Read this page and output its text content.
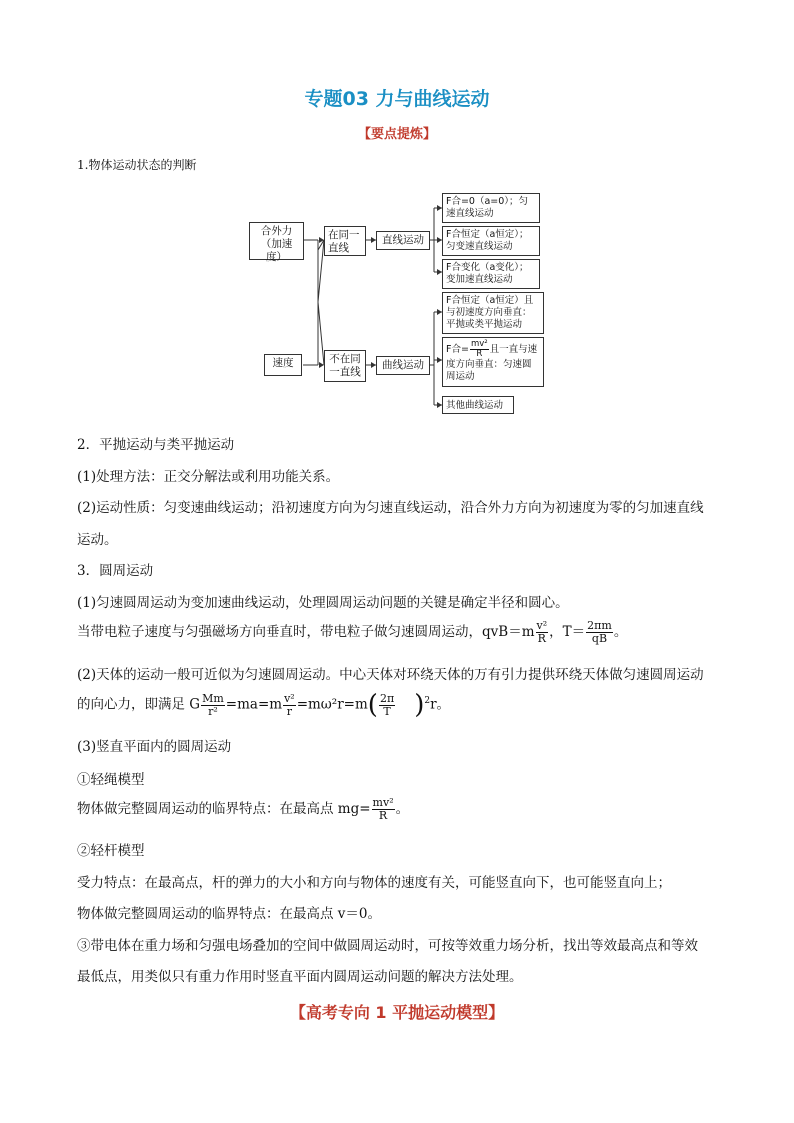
专题03 力与曲线运动
【要点提炼】
1.物体运动状态的判断
合外力
（加速度）
速度
在同一
直线
不在同
一直线
直线运动
曲线运动
F合=0（a=0）；匀速直线运动
F合恒定（a恒定）；匀变速直线运动
F合变化（a变化）；变加速直线运动
F合恒定（a恒定）且与初速度方向垂直：平抛或类平抛运动
F合= $\frac{\text{mv²}}{R}$ 且一直与速度方向垂直：匀速圆周运动
其他曲线运动
2．平抛运动与类平抛运动
(1)处理方法：正交分解法或利用功能关系。
(2)运动性质：匀变速曲线运动；沿初速度方向为匀速直线运动，沿合外力方向为初速度为零的匀加速直线
运动。
3．圆周运动
(1)匀速圆周运动为变加速曲线运动，处理圆周运动问题的关键是确定半径和圆心。
当带电粒子速度与匀强磁场方向垂直时，带电粒子做匀速圆周运动，$qvB=m \frac{\text{v²}}{R}$ ，$T= \frac{2\pi m}{qB}$ 。
(2)天体的运动一般可近似为匀速圆周运动。中心天体对环绕天体的万有引力提供环绕天体做匀速圆周运动
的向心力，即满足 G $\frac{Mm}{\text{r²}} =ma=m \frac{\text{v²}}{r} =m\omega^2r=m( \frac{2\pi}{T} )^2r$。
(3)竖直平面内的圆周运动
①轻绳模型
物体做完整圆周运动的临界特点：在最高点 $mg= \frac{\text{mv²}}{R}$ 。
②轻杆模型
受力特点：在最高点，杆的弹力的大小和方向与物体的速度有关，可能竖直向下，也可能竖直向上；
物体做完整圆周运动的临界特点：在最高点 v＝0。
③带电体在重力场和匀强电场叠加的空间中做圆周运动时，可按等效重力场分析，找出等效最高点和等效
最低点，用类似只有重力作用时竖直平面内圆周运动问题的解决方法处理。
【高考专向 1 平抛运动模型】
